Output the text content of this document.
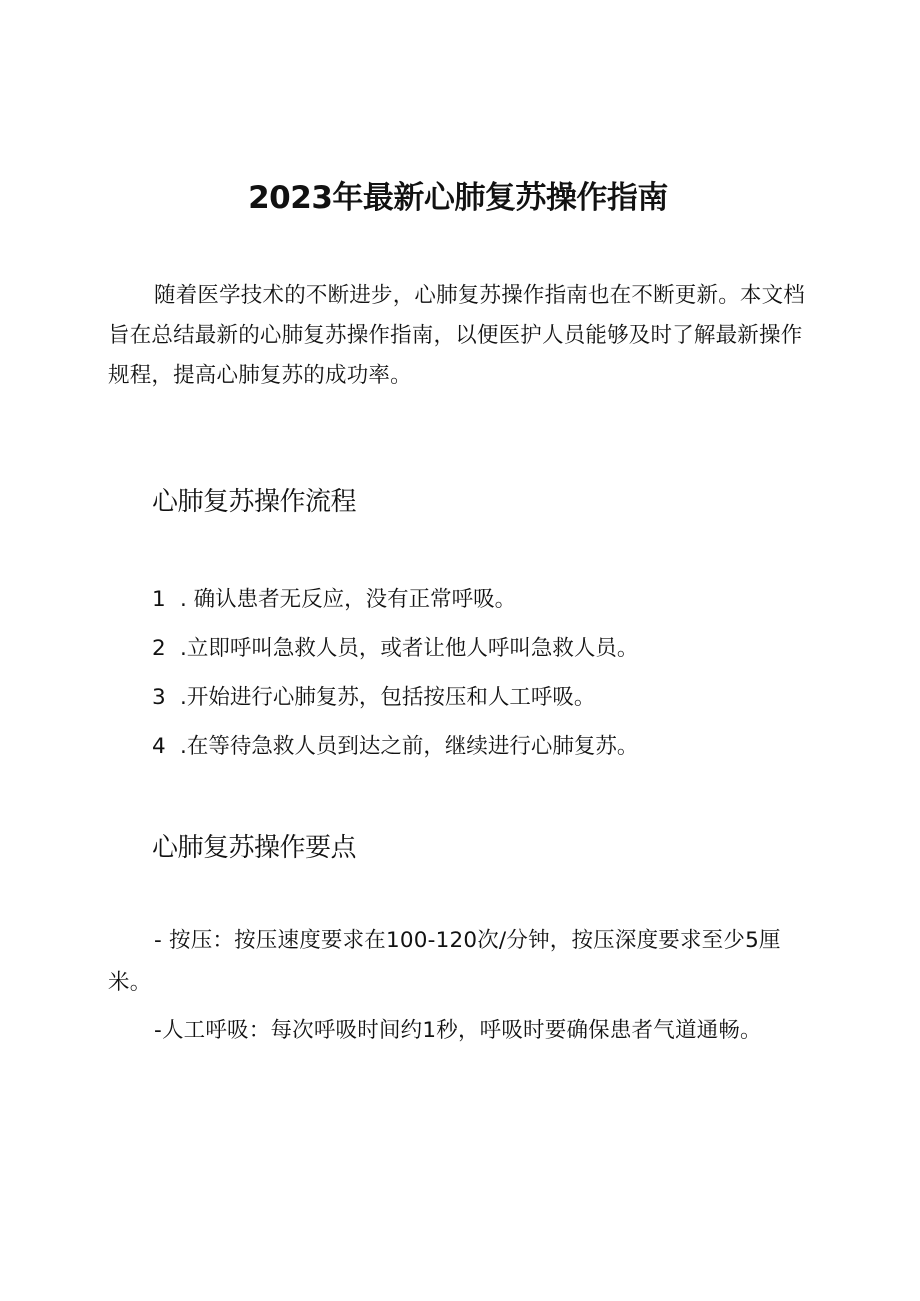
2023年最新心肺复苏操作指南

随着医学技术的不断进步，心肺复苏操作指南也在不断更新。本文档旨在总结最新的心肺复苏操作指南，以便医护人员能够及时了解最新操作规程，提高心肺复苏的成功率。

心肺复苏操作流程
1 . 确认患者无反应，没有正常呼吸。
2 .立即呼叫急救人员，或者让他人呼叫急救人员。
3 .开始进行心肺复苏，包括按压和人工呼吸。
4 .在等待急救人员到达之前，继续进行心肺复苏。
心肺复苏操作要点
- 按压：按压速度要求在100-120次/分钟，按压深度要求至少5厘米。
-人工呼吸：每次呼吸时间约1秒，呼吸时要确保患者气道通畅。
